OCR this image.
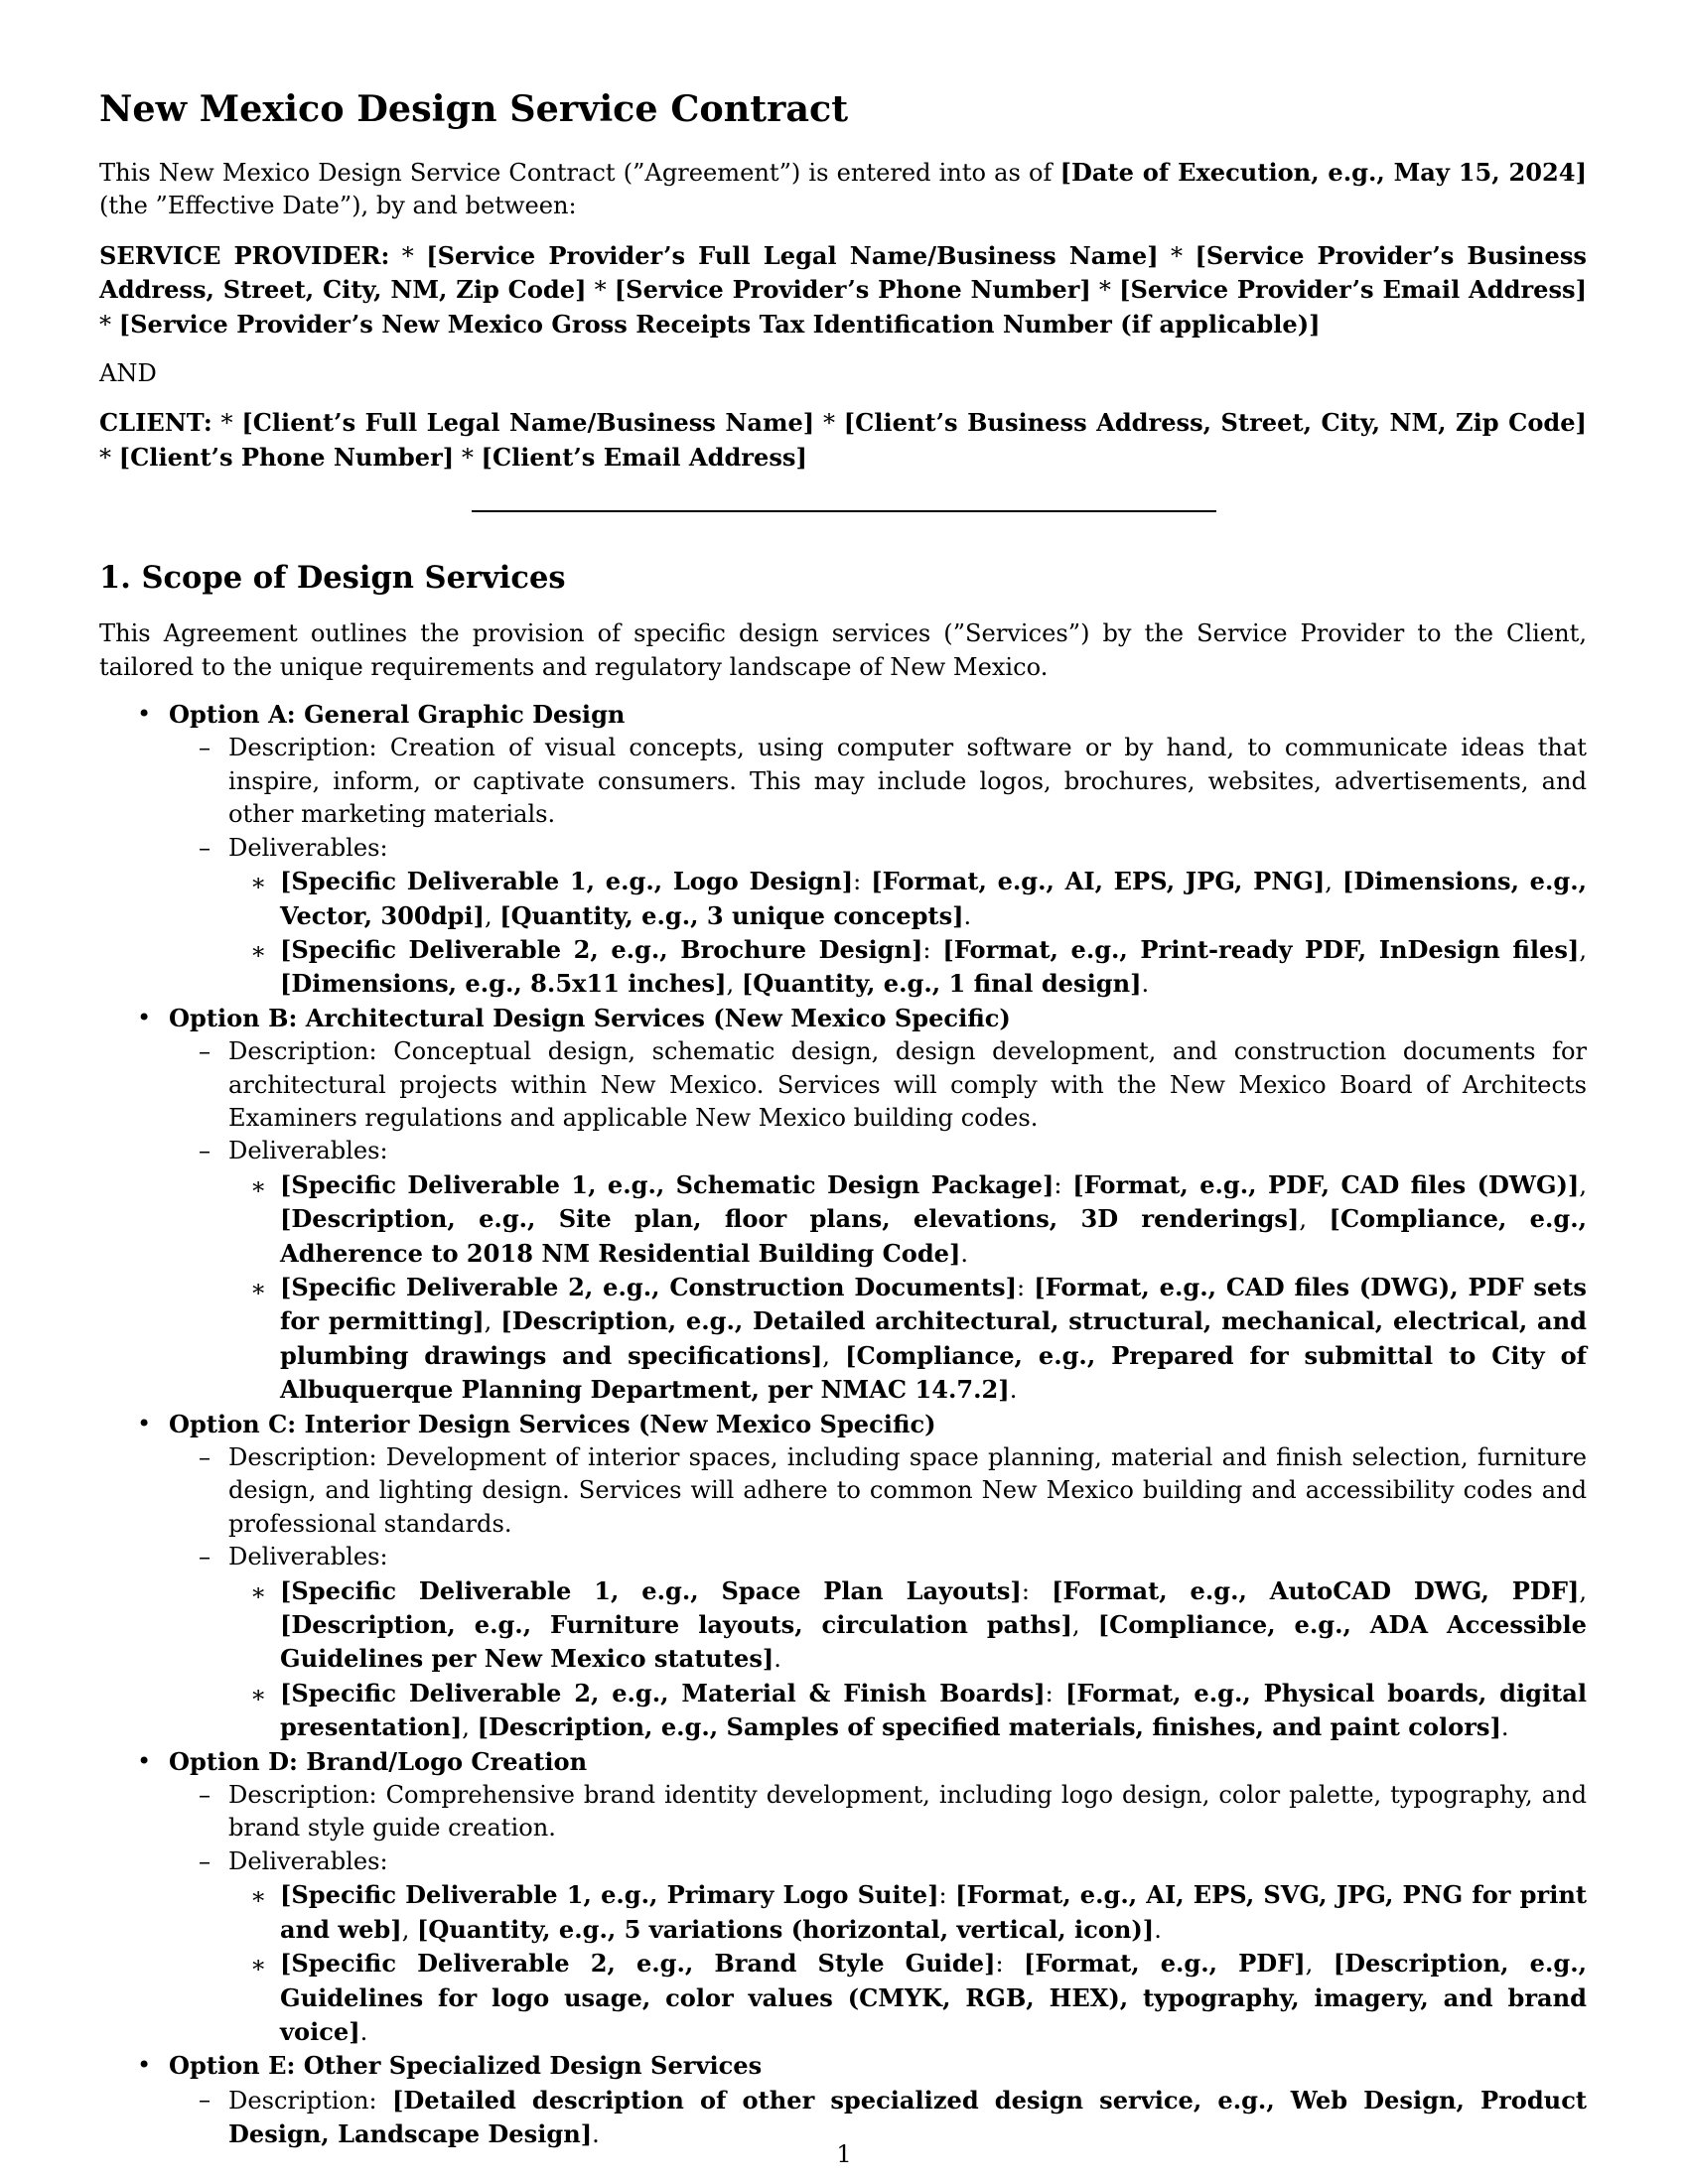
New Mexico Design Service Contract

This New Mexico Design Service Contract (”Agreement”) is entered into as of [Date of Execution, e.g., May 15, 2024] (the ”Effective Date”), by and between:

SERVICE PROVIDER: * [Service Provider’s Full Legal Name/Business Name] * [Service Provider’s Business Address, Street, City, NM, Zip Code] * [Service Provider’s Phone Number] * [Service Provider’s Email Address] * [Service Provider’s New Mexico Gross Receipts Tax Identification Number (if applicable)]

AND

CLIENT: * [Client’s Full Legal Name/Business Name] * [Client’s Business Address, Street, City, NM, Zip Code] * [Client’s Phone Number] * [Client’s Email Address]

1. Scope of Design Services

This Agreement outlines the provision of specific design services (”Services”) by the Service Provider to the Client, tailored to the unique requirements and regulatory landscape of New Mexico.

• Option A: General Graphic Design
– Description: Creation of visual concepts, using computer software or by hand, to communicate ideas that inspire, inform, or captivate consumers. This may include logos, brochures, websites, advertisements, and other marketing materials.
– Deliverables:
∗ [Specific Deliverable 1, e.g., Logo Design]: [Format, e.g., AI, EPS, JPG, PNG], [Dimensions, e.g., Vector, 300dpi], [Quantity, e.g., 3 unique concepts].
∗ [Specific Deliverable 2, e.g., Brochure Design]: [Format, e.g., Print-ready PDF, InDesign files], [Dimensions, e.g., 8.5x11 inches], [Quantity, e.g., 1 final design].
• Option B: Architectural Design Services (New Mexico Specific)
– Description: Conceptual design, schematic design, design development, and construction documents for architectural projects within New Mexico. Services will comply with the New Mexico Board of Architects Examiners regulations and applicable New Mexico building codes.
– Deliverables:
∗ [Specific Deliverable 1, e.g., Schematic Design Package]: [Format, e.g., PDF, CAD files (DWG)], [Description, e.g., Site plan, floor plans, elevations, 3D renderings], [Compliance, e.g., Adherence to 2018 NM Residential Building Code].
∗ [Specific Deliverable 2, e.g., Construction Documents]: [Format, e.g., CAD files (DWG), PDF sets for permitting], [Description, e.g., Detailed architectural, structural, mechanical, electrical, and plumbing drawings and specifications], [Compliance, e.g., Prepared for submittal to City of Albuquerque Planning Department, per NMAC 14.7.2].
• Option C: Interior Design Services (New Mexico Specific)
– Description: Development of interior spaces, including space planning, material and finish selection, furniture design, and lighting design. Services will adhere to common New Mexico building and accessibility codes and professional standards.
– Deliverables:
∗ [Specific Deliverable 1, e.g., Space Plan Layouts]: [Format, e.g., AutoCAD DWG, PDF], [Description, e.g., Furniture layouts, circulation paths], [Compliance, e.g., ADA Accessible Guidelines per New Mexico statutes].
∗ [Specific Deliverable 2, e.g., Material & Finish Boards]: [Format, e.g., Physical boards, digital presentation], [Description, e.g., Samples of specified materials, finishes, and paint colors].
• Option D: Brand/Logo Creation
– Description: Comprehensive brand identity development, including logo design, color palette, typography, and brand style guide creation.
– Deliverables:
∗ [Specific Deliverable 1, e.g., Primary Logo Suite]: [Format, e.g., AI, EPS, SVG, JPG, PNG for print and web], [Quantity, e.g., 5 variations (horizontal, vertical, icon)].
∗ [Specific Deliverable 2, e.g., Brand Style Guide]: [Format, e.g., PDF], [Description, e.g., Guidelines for logo usage, color values (CMYK, RGB, HEX), typography, imagery, and brand voice].
• Option E: Other Specialized Design Services
– Description: [Detailed description of other specialized design service, e.g., Web Design, Product Design, Landscape Design].
1
